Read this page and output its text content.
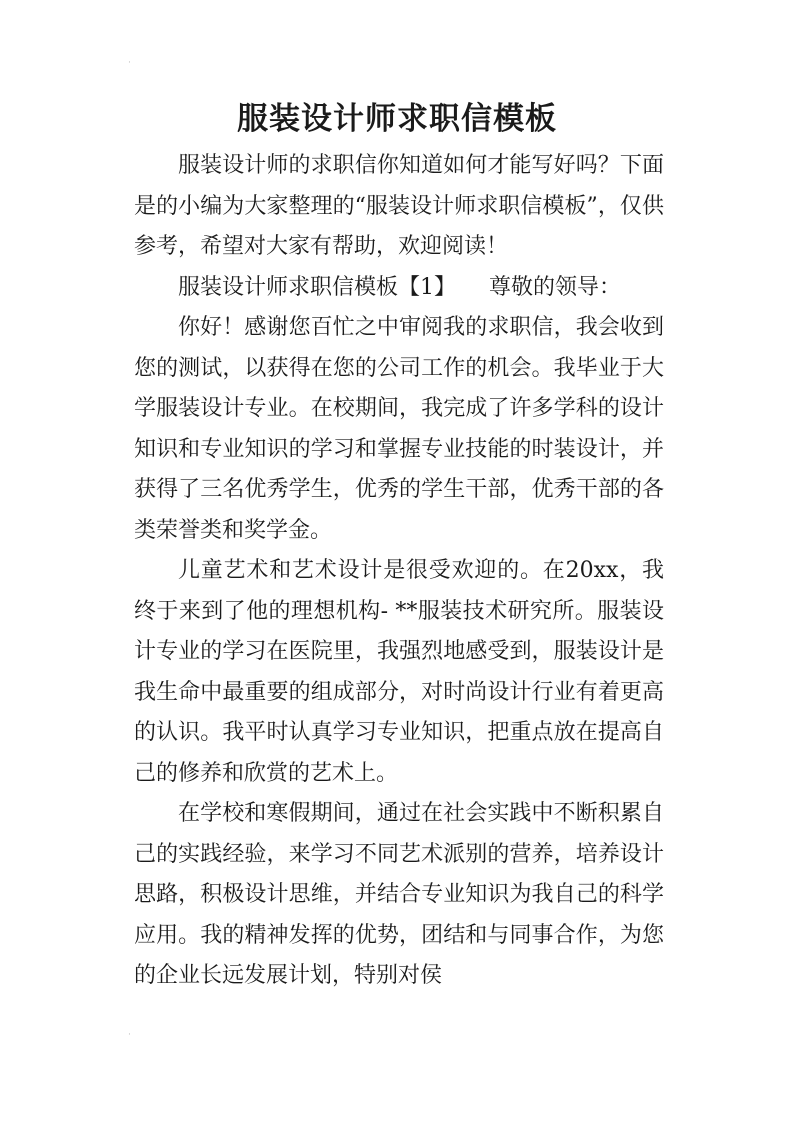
·
服装设计师求职信模板

服装设计师的求职信你知道如何才能写好吗？下面是的小编为大家整理的“服装设计师求职信模板”，仅供参考，希望对大家有帮助，欢迎阅读！

服装设计师求职信模板【1】　　尊敬的领导：

你好！感谢您百忙之中审阅我的求职信，我会收到您的测试，以获得在您的公司工作的机会。我毕业于大学服装设计专业。在校期间，我完成了许多学科的设计知识和专业知识的学习和掌握专业技能的时装设计，并获得了三名优秀学生，优秀的学生干部，优秀干部的各类荣誉类和奖学金。

儿童艺术和艺术设计是很受欢迎的。在20xx，我终于来到了他的理想机构- **服装技术研究所。服装设计专业的学习在医院里，我强烈地感受到，服装设计是我生命中最重要的组成部分，对时尚设计行业有着更高的认识。我平时认真学习专业知识，把重点放在提高自己的修养和欣赏的艺术上。

在学校和寒假期间，通过在社会实践中不断积累自己的实践经验，来学习不同艺术派别的营养，培养设计思路，积极设计思维，并结合专业知识为我自己的科学应用。我的精神发挥的优势，团结和与同事合作，为您的企业长远发展计划，特别对侯

·
